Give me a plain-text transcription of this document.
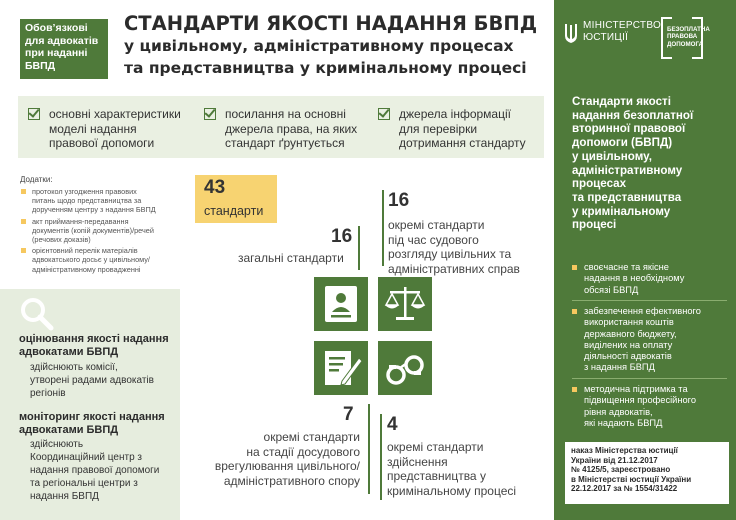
Обов’язкові
для адвокатів
при наданні
БВПД
СТАНДАРТИ ЯКОСТІ НАДАННЯ БВПД
у цивільному, адміністративному процесах
та представництва у кримінальному процесі
основні характеристики
моделі надання
правової допомоги
посилання на основні
джерела права, на яких
стандарт ґрунтується
джерела інформації
для перевірки
дотримання стандарту
Додатки:
протокол узгодження правових
питань щодо представництва за
дорученням центру з надання БВПД
акт приймання-передавання
документів (копій документів)/речей
(речових доказів)
орієнтовний перелік матеріалів
адвокатського досьє у цивільному/
адміністративному провадженні
43
стандарти
16
загальні стандарти
16
окремі стандарти
під час судового
розгляду цивільних та
адміністративних справ
7
окремі стандарти
на стадії досудового
врегулювання цивільного/
адміністративного спору
4
окремі стандарти
здійснення
представництва у
кримінальному процесі
оцінювання якості надання
адвокатами БВПД
здійснюють комісії,
утворені радами адвокатів
регіонів
моніторинг якості надання
адвокатами БВПД
здійснюють
Координаційний центр з
надання правової допомоги
та регіональні центри з
надання БВПД
МІНІСТЕРСТВО
ЮСТИЦІЇ
БЕЗОПЛАТНА
ПРАВОВА
ДОПОМОГА
Стандарти якості
надання безоплатної
вторинної правової
допомоги (БВПД)
у цивільному,
адміністративному
процесах
та представництва
у кримінальному
процесі
своєчасне та якісне
надання в необхідному
обсязі БВПД
забезпечення ефективного
використання коштів
державного бюджету,
виділених на оплату
діяльності адвокатів
з надання БВПД
методична підтримка та
підвищення професійного
рівня адвокатів,
які надають БВПД
наказ Міністерства юстиції
України від 21.12.2017
№ 4125/5, зареєстровано
в Міністерстві юстиції України
22.12.2017 за № 1554/31422
